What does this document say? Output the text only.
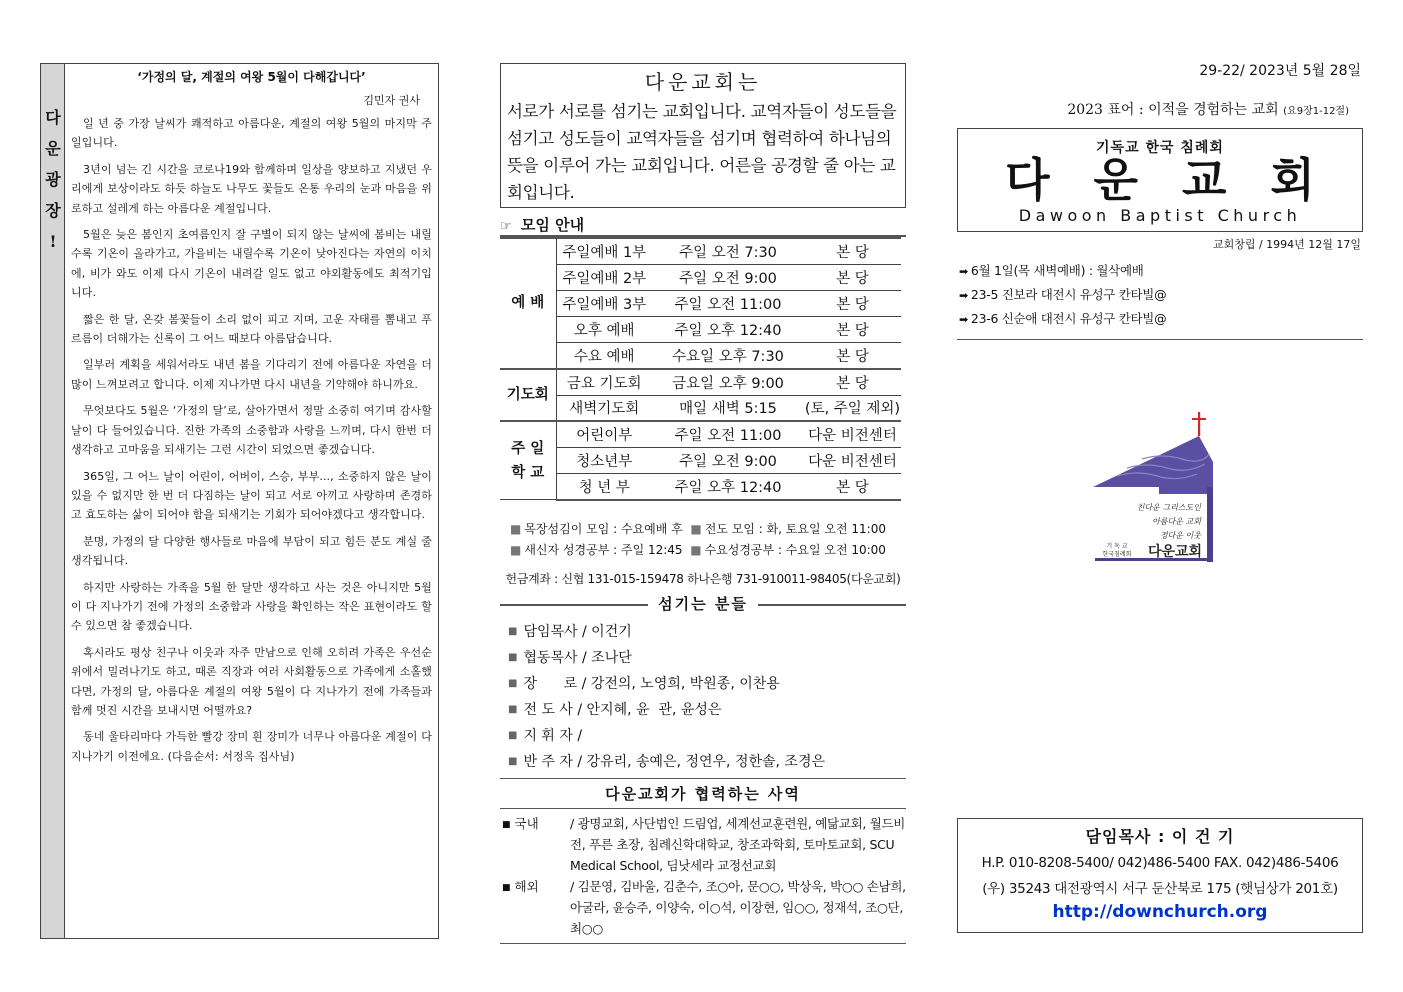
다
운
광
장
!
‘가정의 달, 계절의 여왕 5월이 다해갑니다’
김민자 권사

일 년 중 가장 날씨가 쾌적하고 아름다운, 계절의 여왕 5월의 마지막 주일입니다.

3년이 넘는 긴 시간을 코로나19와 함께하며 일상을 양보하고 지냈던 우리에게 보상이라도 하듯 하늘도 나무도 꽃들도 온통 우리의 눈과 마음을 위로하고 설레게 하는 아름다운 계절입니다.

5월은 늦은 봄인지 초여름인지 잘 구별이 되지 않는 날씨에 봄비는 내릴수록 기온이 올라가고, 가을비는 내릴수록 기온이 낮아진다는 자연의 이치에, 비가 와도 이제 다시 기온이 내려갈 일도 없고 야외활동에도 최적기입니다.

짧은 한 달, 온갖 봄꽃들이 소리 없이 피고 지며, 고운 자태를 뽐내고 푸르름이 더해가는 신록이 그 어느 때보다 아름답습니다.

일부러 계획을 세워서라도 내년 봄을 기다리기 전에 아름다운 자연을 더 많이 느껴보려고 합니다. 이제 지나가면 다시 내년을 기약해야 하니까요.

무엇보다도 5월은 ‘가정의 달’로, 살아가면서 정말 소중히 여기며 감사할 날이 다 들어있습니다. 진한 가족의 소중함과 사랑을 느끼며, 다시 한번 더 생각하고 고마움을 되새기는 그런 시간이 되었으면 좋겠습니다.

365일, 그 어느 날이 어린이, 어버이, 스승, 부부..., 소중하지 않은 날이 있을 수 없지만 한 번 더 다짐하는 날이 되고 서로 아끼고 사랑하며 존경하고 효도하는 삶이 되어야 함을 되새기는 기회가 되어야겠다고 생각합니다.

분명, 가정의 달 다양한 행사들로 마음에 부담이 되고 힘든 분도 계실 줄 생각됩니다.

하지만 사랑하는 가족을 5월 한 달만 생각하고 사는 것은 아니지만 5월이 다 지나가기 전에 가정의 소중함과 사랑을 확인하는 작은 표현이라도 할 수 있으면 참 좋겠습니다.

혹시라도 평상 친구나 이웃과 자주 만남으로 인해 오히려 가족은 우선순위에서 밀려나기도 하고, 때론 직장과 여러 사회활동으로 가족에게 소홀했다면, 가정의 달, 아름다운 계절의 여왕 5월이 다 지나가기 전에 가족들과 함께 멋진 시간을 보내시면 어떨까요?

동네 울타리마다 가득한 빨강 장미 흰 장미가 너무나 아름다운 계절이 다 지나가기 이전에요. (다음순서: 서정옥 집사님)

다운교회는
서로가 서로를 섬기는 교회입니다. 교역자들이 성도들을 섬기고 성도들이 교역자들을 섬기며 협력하여 하나님의 뜻을 이루어 가는 교회입니다. 어른을 공경할 줄 아는 교회입니다.
☞ 모임 안내
예 배	주일예배 1부	주일 오전 7:30	본 당
	주일예배 2부	주일 오전 9:00	본 당
	주일예배 3부	주일 오전 11:00	본 당
	오후 예배	주일 오후 12:40	본 당
	수요 예배	수요일 오후 7:30	본 당
기도회	금요 기도회	금요일 오후 9:00	본 당
	새벽기도회	매일 새벽 5:15	(토, 주일 제외)

주 일
학 교	어린이부	주일 오전 11:00	다운 비전센터
	청소년부	주일 오전 9:00	다운 비전센터
	청 년 부	주일 오후 12:40	본 당
■ 목장섬김이 모임 : 수요예배 후 ■ 전도 모임 : 화, 토요일 오전 11:00
■ 새신자 성경공부 : 주일 12:45 ■ 수요성경공부 : 수요일 오전 10:00
헌금계좌 : 신협 131-015-159478 하나은행 731-910011-98405(다운교회)
섬기는 분들
■ 담임목사 / 이건기
■ 협동목사 / 조나단
■ 장      로 / 강전의, 노영희, 박원종, 이찬용
■ 전 도 사 / 안지혜, 윤  관, 윤성은
■ 지 휘 자 /
■ 반 주 자 / 강유리, 송예은, 정연우, 정한솔, 조경은
다운교회가 협력하는 사역
■ 국내	/ 광명교회, 사단법인 드림업, 세계선교훈련원, 예닮교회, 월드비전, 푸른 초장, 침례신학대학교, 창조과학회, 토마토교회, SCU Medical School, 딤낫세라 교정선교회
■ 해외	/ 김문영, 김바울, 김춘수, 조○아, 문○○, 박상욱, 박○○ 손남희, 아굴라, 윤승주, 이양숙, 이○석, 이장현, 임○○, 정재석, 조○단, 최○○
29-22/ 2023년 5월 28일
2023 표어 : 이적을 경험하는 교회 (요9장1-12절)
기독교 한국 침례회
다운교회
Dawoon Baptist Church
교회창립 / 1994년 12월 17일
➡ 6월 1일(목 새벽예배) : 월삭예배
➡ 23-5 진보라 대전시 유성구 칸타빌@
➡ 23-6 신순애 대전시 유성구 칸타빌@
친다운 그리스도인
아름다운 교회
정다운 이웃
기 독 교
한국침례회 다운교회
담임목사 : 이 건 기
H.P. 010-8208-5400/ 042)486-5400 FAX. 042)486-5406
(우) 35243 대전광역시 서구 둔산북로 175 (햇님상가 201호)
http://downchurch.org
